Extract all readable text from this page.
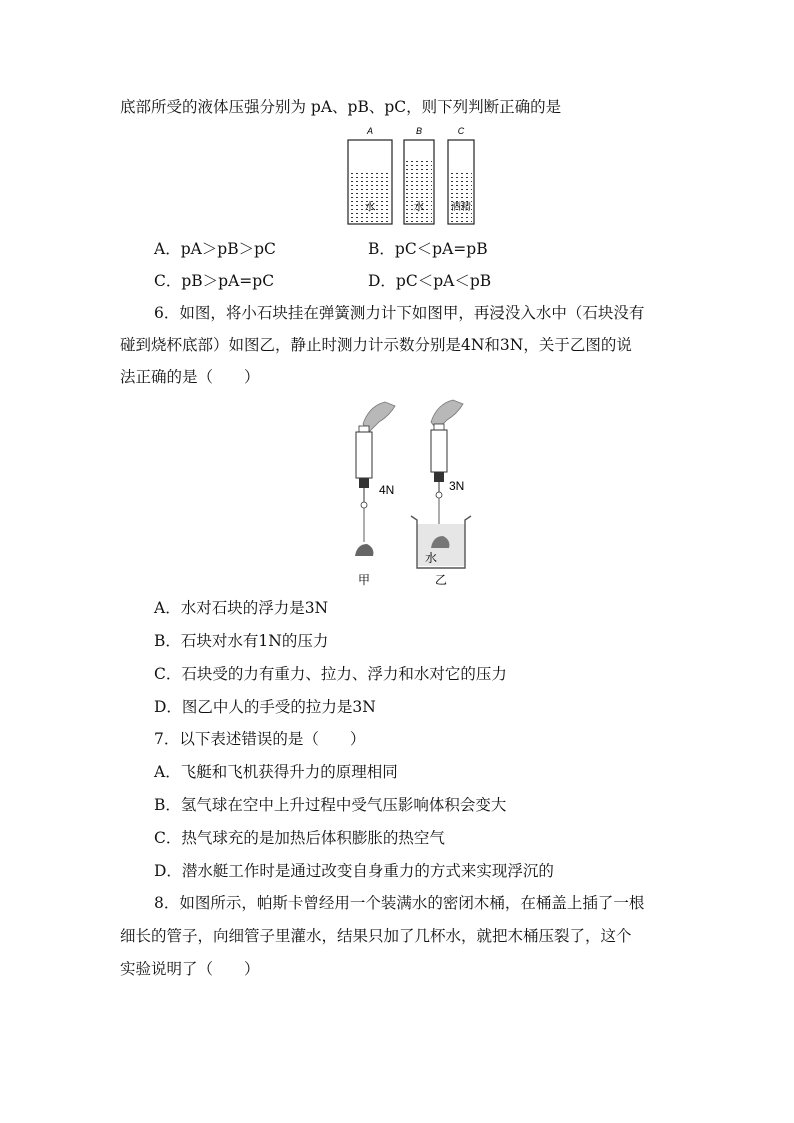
底部所受的液体压强分别为 pA、pB、pC，则下列判断正确的是
A
水
B
水
C
酒精
A．pA＞pB＞pC	B．pC＜pA=pB
C．pB＞pA=pC	D．pC＜pA＜pB
6．如图，将小石块挂在弹簧测力计下如图甲，再浸没入水中（石块没有
碰到烧杯底部）如图乙，静止时测力计示数分别是4N和3N，关于乙图的说
法正确的是（　　）
4N	3N
水
甲	乙
A．水对石块的浮力是3N
B．石块对水有1N的压力
C．石块受的力有重力、拉力、浮力和水对它的压力
D．图乙中人的手受的拉力是3N
7．以下表述错误的是（　　）
A．飞艇和飞机获得升力的原理相同
B．氢气球在空中上升过程中受气压影响体积会变大
C．热气球充的是加热后体积膨胀的热空气
D．潜水艇工作时是通过改变自身重力的方式来实现浮沉的
8．如图所示，帕斯卡曾经用一个装满水的密闭木桶，在桶盖上插了一根
细长的管子，向细管子里灌水，结果只加了几杯水，就把木桶压裂了，这个
实验说明了（　　）
